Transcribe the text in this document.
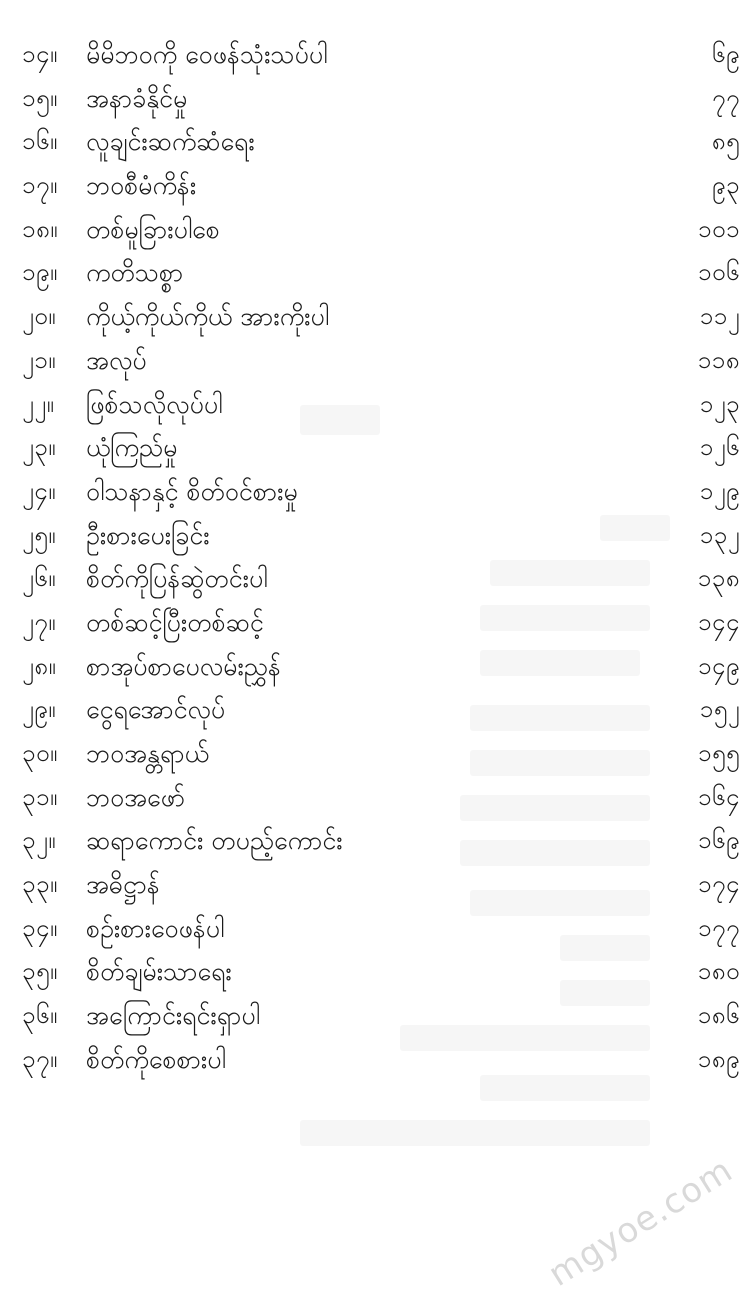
၁၄။	မိမိဘဝကို ဝေဖန်သုံးသပ်ပါ	၆၉
၁၅။	အနာခံနိုင်မှု	၇၇
၁၆။	လူချင်းဆက်ဆံရေး	၈၅
၁၇။	ဘဝစီမံကိန်း	၉၃
၁၈။	တစ်မူခြားပါစေ	၁၀၁
၁၉။	ကတိသစ္စာ	၁၀၆
၂၀။	ကိုယ့်ကိုယ်ကိုယ် အားကိုးပါ	၁၁၂
၂၁။	အလုပ်	၁၁၈
၂၂။	ဖြစ်သလိုလုပ်ပါ	၁၂၃
၂၃။	ယုံကြည်မှု	၁၂၆
၂၄။	ဝါသနာနှင့် စိတ်ဝင်စားမှု	၁၂၉
၂၅။	ဦးစားပေးခြင်း	၁၃၂
၂၆။	စိတ်ကိုပြန်ဆွဲတင်းပါ	၁၃၈
၂၇။	တစ်ဆင့်ပြီးတစ်ဆင့်	၁၄၄
၂၈။	စာအုပ်စာပေလမ်းညွှန်	၁၄၉
၂၉။	ငွေရအောင်လုပ်	၁၅၂
၃၀။	ဘဝအန္တရာယ်	၁၅၅
၃၁။	ဘဝအဖော်	၁၆၄
၃၂။	ဆရာကောင်း တပည့်ကောင်း	၁၆၉
၃၃။	အဓိဋ္ဌာန်	၁၇၄
၃၄။	စဉ်းစားဝေဖန်ပါ	၁၇၇
၃၅။	စိတ်ချမ်းသာရေး	၁၈၀
၃၆။	အကြောင်းရင်းရှာပါ	၁၈၆
၃၇။	စိတ်ကိုစေစားပါ	၁၈၉
mgyoe.com
